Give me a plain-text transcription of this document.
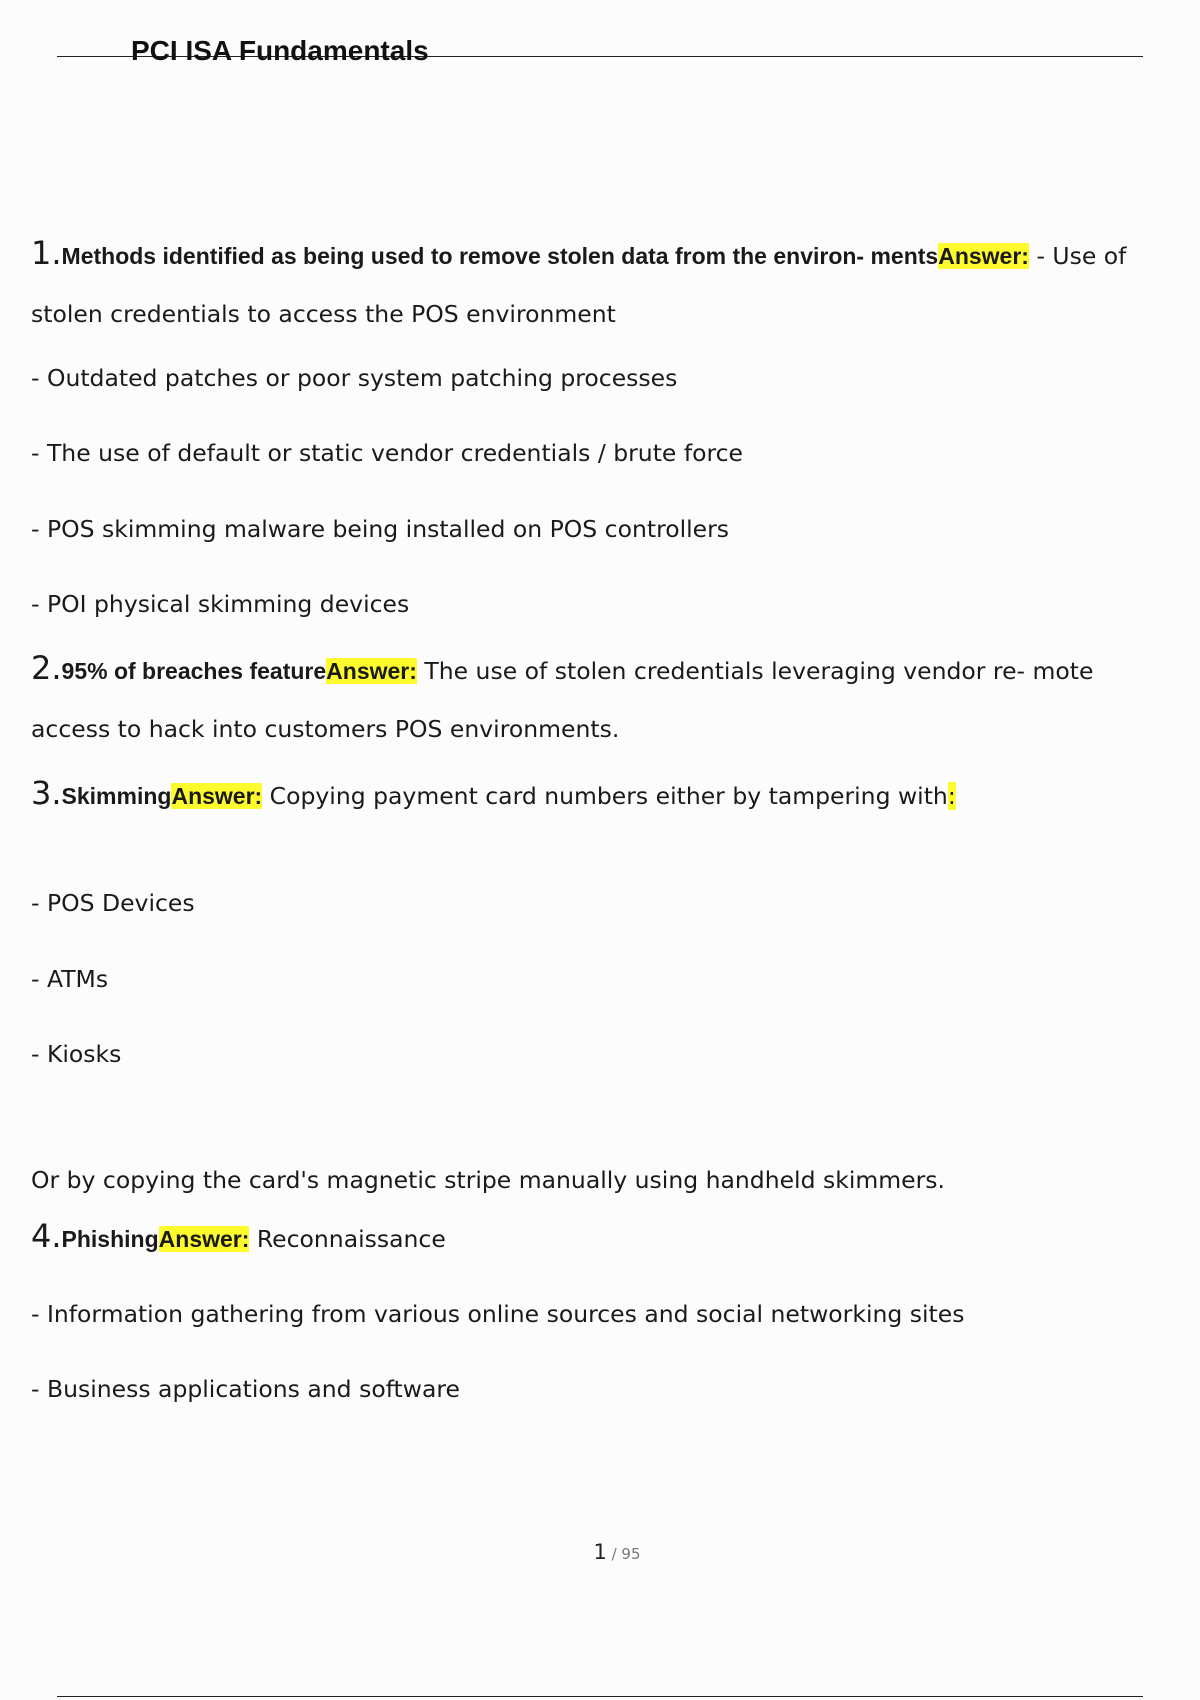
PCI ISA Fundamentals

1.Methods identified as being used to remove stolen data from the environ- mentsAnswer: - Use of

stolen credentials to access the POS environment

- Outdated patches or poor system patching processes

- The use of default or static vendor credentials / brute force

- POS skimming malware being installed on POS controllers

- POI physical skimming devices

2.95% of breaches featureAnswer: The use of stolen credentials leveraging vendor re- mote

access to hack into customers POS environments.

3.SkimmingAnswer: Copying payment card numbers either by tampering with:

- POS Devices

- ATMs

- Kiosks

Or by copying the card's magnetic stripe manually using handheld skimmers.

4.PhishingAnswer: Reconnaissance

- Information gathering from various online sources and social networking sites

- Business applications and software

1 / 95
